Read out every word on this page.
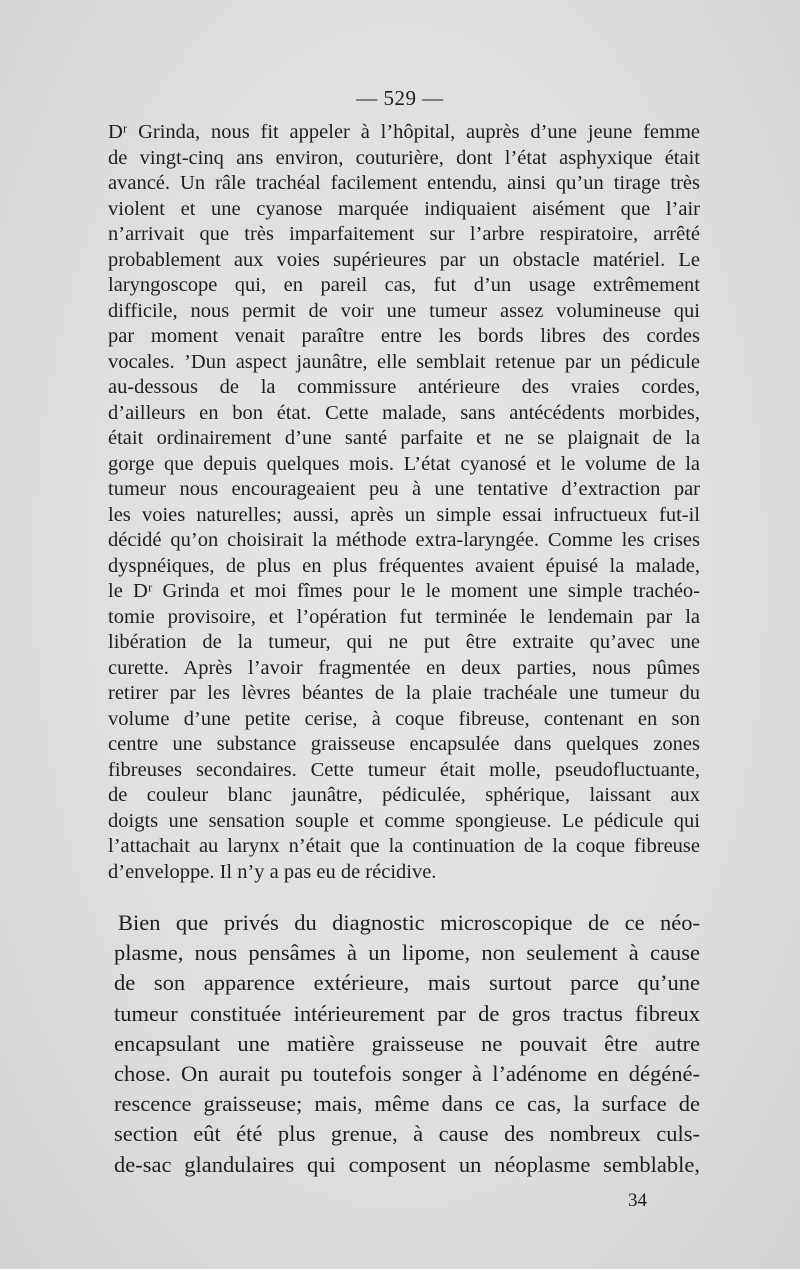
— 529 —
Dʳ Grinda, nous fit appeler à l’hôpital, auprès d’une jeune femme
de vingt-cinq ans environ, couturière, dont l’état asphyxique était
avancé. Un râle trachéal facilement entendu, ainsi qu’un tirage très
violent et une cyanose marquée indiquaient aisément que l’air
n’arrivait que très imparfaitement sur l’arbre respiratoire, arrêté
probablement aux voies supérieures par un obstacle matériel. Le
laryngoscope qui, en pareil cas, fut d’un usage extrêmement
difficile, nous permit de voir une tumeur assez volumineuse qui
par moment venait paraître entre les bords libres des cordes
vocales. ’Dun aspect jaunâtre, elle semblait retenue par un pédicule
au-dessous de la commissure antérieure des vraies cordes,
d’ailleurs en bon état. Cette malade, sans antécédents morbides,
était ordinairement d’une santé parfaite et ne se plaignait de la
gorge que depuis quelques mois. L’état cyanosé et le volume de la
tumeur nous encourageaient peu à une tentative d’extraction par
les voies naturelles; aussi, après un simple essai infructueux fut-il
décidé qu’on choisirait la méthode extra-laryngée. Comme les crises
dyspnéiques, de plus en plus fréquentes avaient épuisé la malade,
le Dʳ Grinda et moi fîmes pour le le moment une simple trachéo-
tomie provisoire, et l’opération fut terminée le lendemain par la
libération de la tumeur, qui ne put être extraite qu’avec une
curette. Après l’avoir fragmentée en deux parties, nous pûmes
retirer par les lèvres béantes de la plaie trachéale une tumeur du
volume d’une petite cerise, à coque fibreuse, contenant en son
centre une substance graisseuse encapsulée dans quelques zones
fibreuses secondaires. Cette tumeur était molle, pseudofluctuante,
de couleur blanc jaunâtre, pédiculée, sphérique, laissant aux
doigts une sensation souple et comme spongieuse. Le pédicule qui
l’attachait au larynx n’était que la continuation de la coque fibreuse
d’enveloppe. Il n’y a pas eu de récidive.
Bien que privés du diagnostic microscopique de ce néo-
plasme, nous pensâmes à un lipome, non seulement à cause
de son apparence extérieure, mais surtout parce qu’une
tumeur constituée intérieurement par de gros tractus fibreux
encapsulant une matière graisseuse ne pouvait être autre
chose. On aurait pu toutefois songer à l’adénome en dégéné-
rescence graisseuse; mais, même dans ce cas, la surface de
section eût été plus grenue, à cause des nombreux culs-
de-sac glandulaires qui composent un néoplasme semblable,
34
